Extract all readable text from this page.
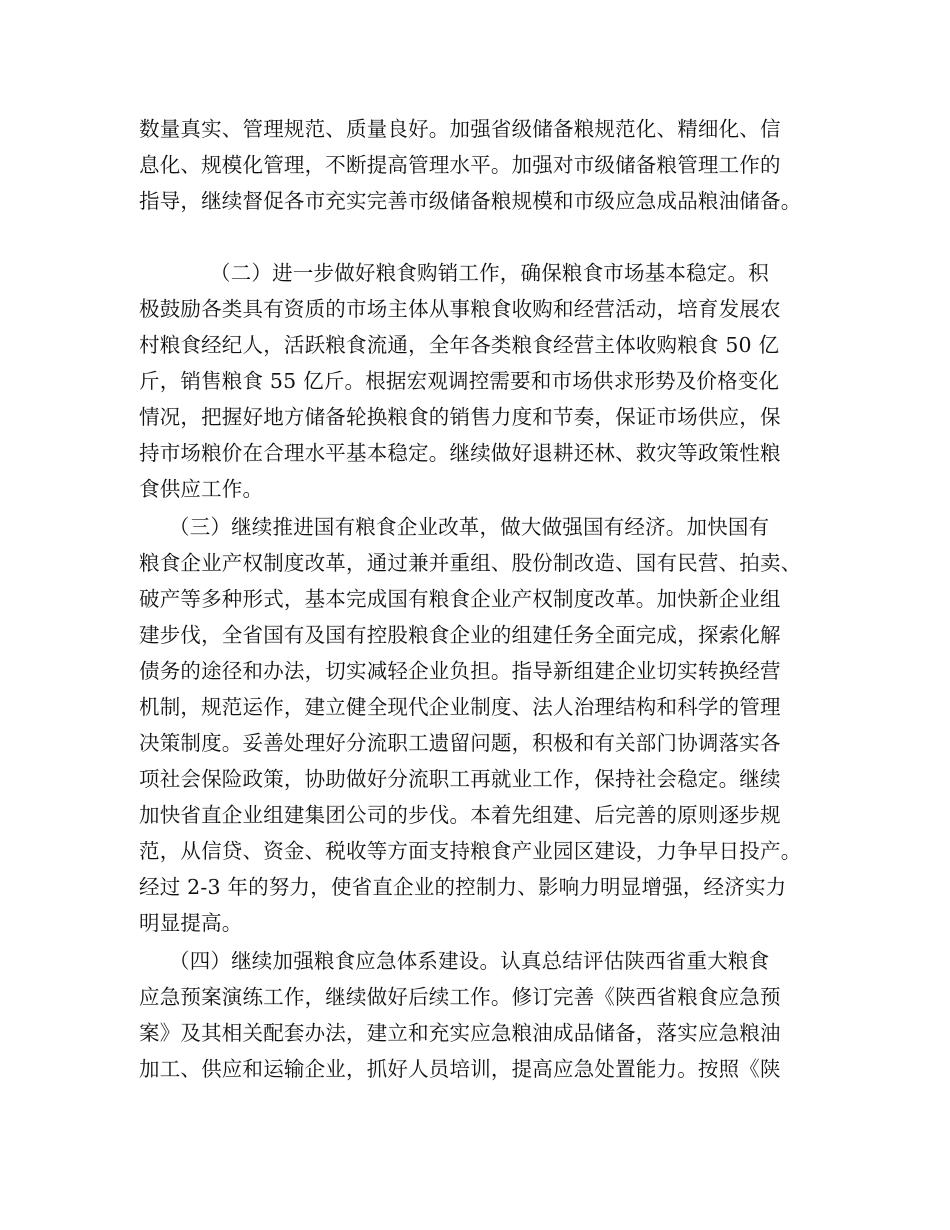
数量真实、管理规范、质量良好。加强省级储备粮规范化、精细化、信
息化、规模化管理，不断提高管理水平。加强对市级储备粮管理工作的
指导，继续督促各市充实完善市级储备粮规模和市级应急成品粮油储备。
（二）进一步做好粮食购销工作，确保粮食市场基本稳定。积
极鼓励各类具有资质的市场主体从事粮食收购和经营活动，培育发展农
村粮食经纪人，活跃粮食流通，全年各类粮食经营主体收购粮食 50 亿
斤，销售粮食 55 亿斤。根据宏观调控需要和市场供求形势及价格变化
情况，把握好地方储备轮换粮食的销售力度和节奏，保证市场供应，保
持市场粮价在合理水平基本稳定。继续做好退耕还林、救灾等政策性粮
食供应工作。
（三）继续推进国有粮食企业改革，做大做强国有经济。加快国有
粮食企业产权制度改革，通过兼并重组、股份制改造、国有民营、拍卖、
破产等多种形式，基本完成国有粮食企业产权制度改革。加快新企业组
建步伐，全省国有及国有控股粮食企业的组建任务全面完成，探索化解
债务的途径和办法，切实减轻企业负担。指导新组建企业切实转换经营
机制，规范运作，建立健全现代企业制度、法人治理结构和科学的管理
决策制度。妥善处理好分流职工遗留问题，积极和有关部门协调落实各
项社会保险政策，协助做好分流职工再就业工作，保持社会稳定。继续
加快省直企业组建集团公司的步伐。本着先组建、后完善的原则逐步规
范，从信贷、资金、税收等方面支持粮食产业园区建设，力争早日投产。
经过 2-3 年的努力，使省直企业的控制力、影响力明显增强，经济实力
明显提高。
（四）继续加强粮食应急体系建设。认真总结评估陕西省重大粮食
应急预案演练工作，继续做好后续工作。修订完善《陕西省粮食应急预
案》及其相关配套办法，建立和充实应急粮油成品储备，落实应急粮油
加工、供应和运输企业，抓好人员培训，提高应急处置能力。按照《陕
